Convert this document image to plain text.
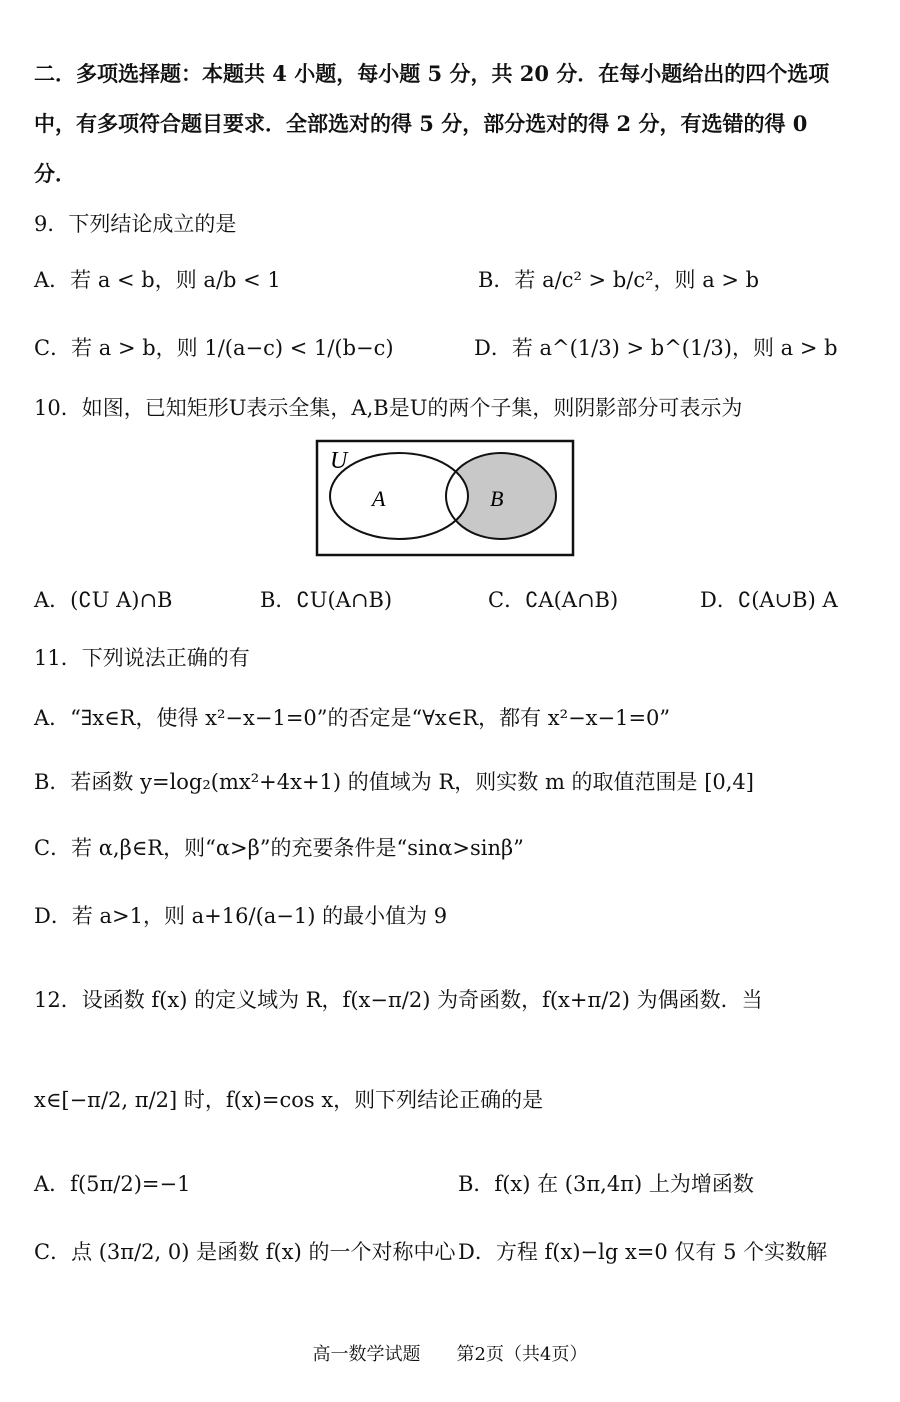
二．多项选择题：本题共 4 小题，每小题 5 分，共 20 分．在每小题给出的四个选项
中，有多项符合题目要求．全部选对的得 5 分，部分选对的得 2 分，有选错的得 0
分．
9．下列结论成立的是
A．若 a < b，则 a/b < 1	B．若 a/c² > b/c²，则 a > b
C．若 a > b，则 1/(a−c) < 1/(b−c)	D．若 a^(1/3) > b^(1/3)，则 a > b
10．如图，已知矩形U表示全集，A,B是U的两个子集，则阴影部分可表示为
U
A	B
A．(∁U A)∩B	B．∁U(A∩B)	C．∁A(A∩B)	D．∁(A∪B) A
11．下列说法正确的有
A．“∃x∈R，使得 x²−x−1=0”的否定是“∀x∈R，都有 x²−x−1=0”
B．若函数 y=log₂(mx²+4x+1) 的值域为 R，则实数 m 的取值范围是 [0,4]
C．若 α,β∈R，则“α>β”的充要条件是“sinα>sinβ”
D．若 a>1，则 a+16/(a−1) 的最小值为 9
12．设函数 f(x) 的定义域为 R，f(x−π/2) 为奇函数，f(x+π/2) 为偶函数．当
x∈[−π/2, π/2] 时，f(x)=cos x，则下列结论正确的是
A．f(5π/2)=−1	B．f(x) 在 (3π,4π) 上为增函数
C．点 (3π/2, 0) 是函数 f(x) 的一个对称中心 D．方程 f(x)−lg x=0 仅有 5 个实数解
高一数学试题　　第2页（共4页）
